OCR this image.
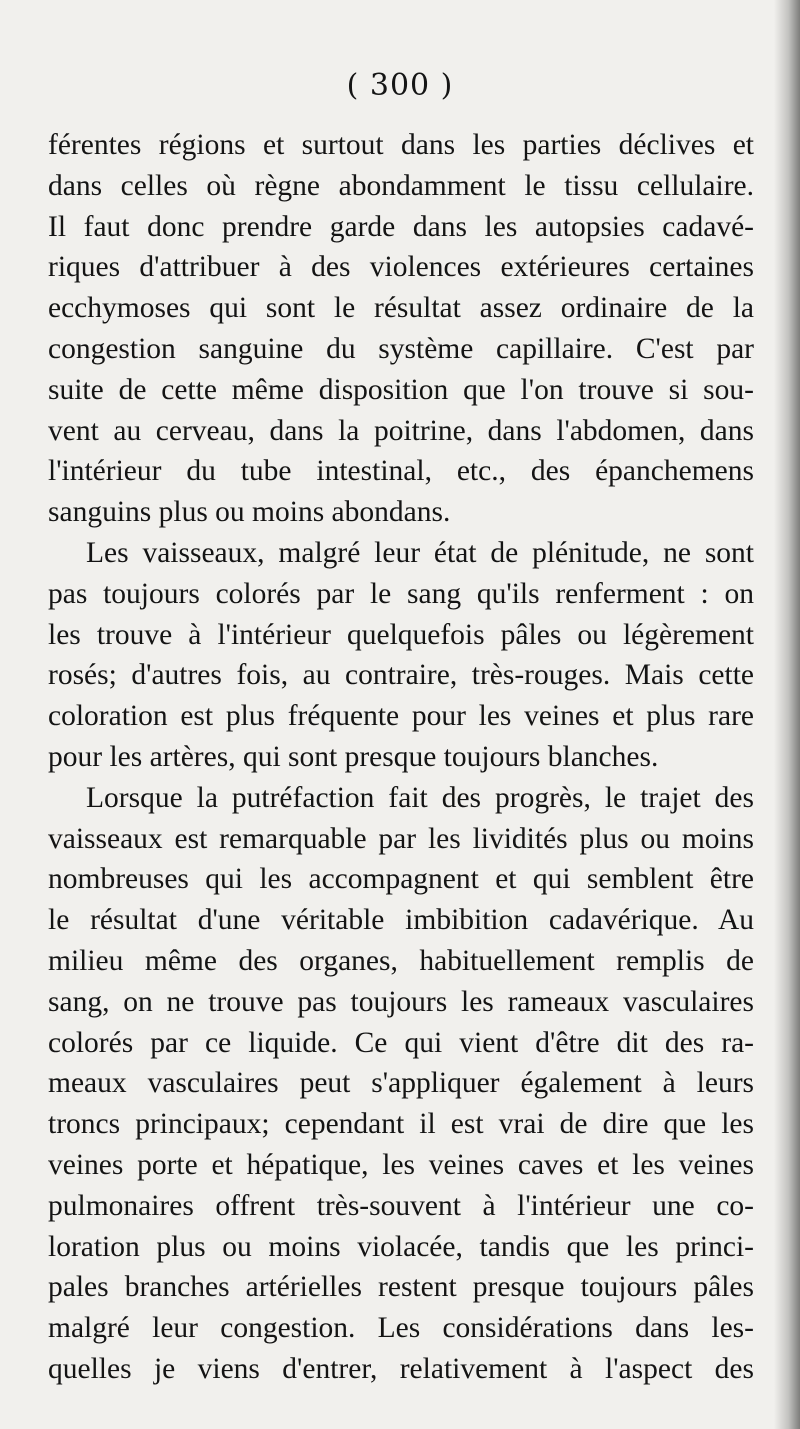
( 300 )
férentes régions et surtout dans les parties déclives et
dans celles où règne abondamment le tissu cellulaire.
Il faut donc prendre garde dans les autopsies cadavé-
riques d'attribuer à des violences extérieures certaines
ecchymoses qui sont le résultat assez ordinaire de la
congestion sanguine du système capillaire. C'est par
suite de cette même disposition que l'on trouve si sou-
vent au cerveau, dans la poitrine, dans l'abdomen, dans
l'intérieur du tube intestinal, etc., des épanchemens
sanguins plus ou moins abondans.
Les vaisseaux, malgré leur état de plénitude, ne sont
pas toujours colorés par le sang qu'ils renferment : on
les trouve à l'intérieur quelquefois pâles ou légèrement
rosés; d'autres fois, au contraire, très-rouges. Mais cette
coloration est plus fréquente pour les veines et plus rare
pour les artères, qui sont presque toujours blanches.
Lorsque la putréfaction fait des progrès, le trajet des
vaisseaux est remarquable par les lividités plus ou moins
nombreuses qui les accompagnent et qui semblent être
le résultat d'une véritable imbibition cadavérique. Au
milieu même des organes, habituellement remplis de
sang, on ne trouve pas toujours les rameaux vasculaires
colorés par ce liquide. Ce qui vient d'être dit des ra-
meaux vasculaires peut s'appliquer également à leurs
troncs principaux; cependant il est vrai de dire que les
veines porte et hépatique, les veines caves et les veines
pulmonaires offrent très-souvent à l'intérieur une co-
loration plus ou moins violacée, tandis que les princi-
pales branches artérielles restent presque toujours pâles
malgré leur congestion. Les considérations dans les-
quelles je viens d'entrer, relativement à l'aspect des
